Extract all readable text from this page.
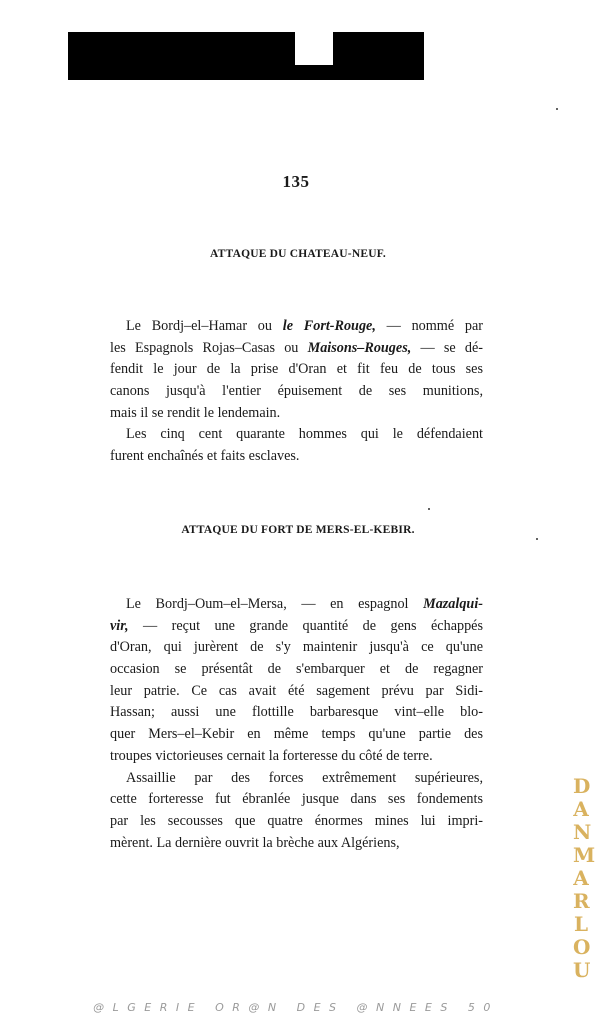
135
ATTAQUE DU CHATEAU-NEUF.
Le Bordj–el–Hamar ou le Fort-Rouge, — nommé par
les Espagnols Rojas–Casas ou Maisons–Rouges, — se dé-
fendit le jour de la prise d'Oran et fit feu de tous ses
canons jusqu'à l'entier épuisement de ses munitions,
mais il se rendit le lendemain.
Les cinq cent quarante hommes qui le défendaient
furent enchaînés et faits esclaves.
ATTAQUE DU FORT DE MERS-EL-KEBIR.
Le Bordj–Oum–el–Mersa, — en espagnol Mazalqui-
vir, — reçut une grande quantité de gens échappés
d'Oran, qui jurèrent de s'y maintenir jusqu'à ce qu'une
occasion se présentât de s'embarquer et de regagner
leur patrie. Ce cas avait été sagement prévu par Sidi-
Hassan; aussi une flottille barbaresque vint–elle blo-
quer Mers–el–Kebir en même temps qu'une partie des
troupes victorieuses cernait la forteresse du côté de terre.
Assaillie par des forces extrêmement supérieures,
cette forteresse fut ébranlée jusque dans ses fondements
par les secousses que quatre énormes mines lui impri-
mèrent. La dernière ouvrit la brèche aux Algériens,
DANMARLOU
@LGERIE OR@N DES @NNEES 50
